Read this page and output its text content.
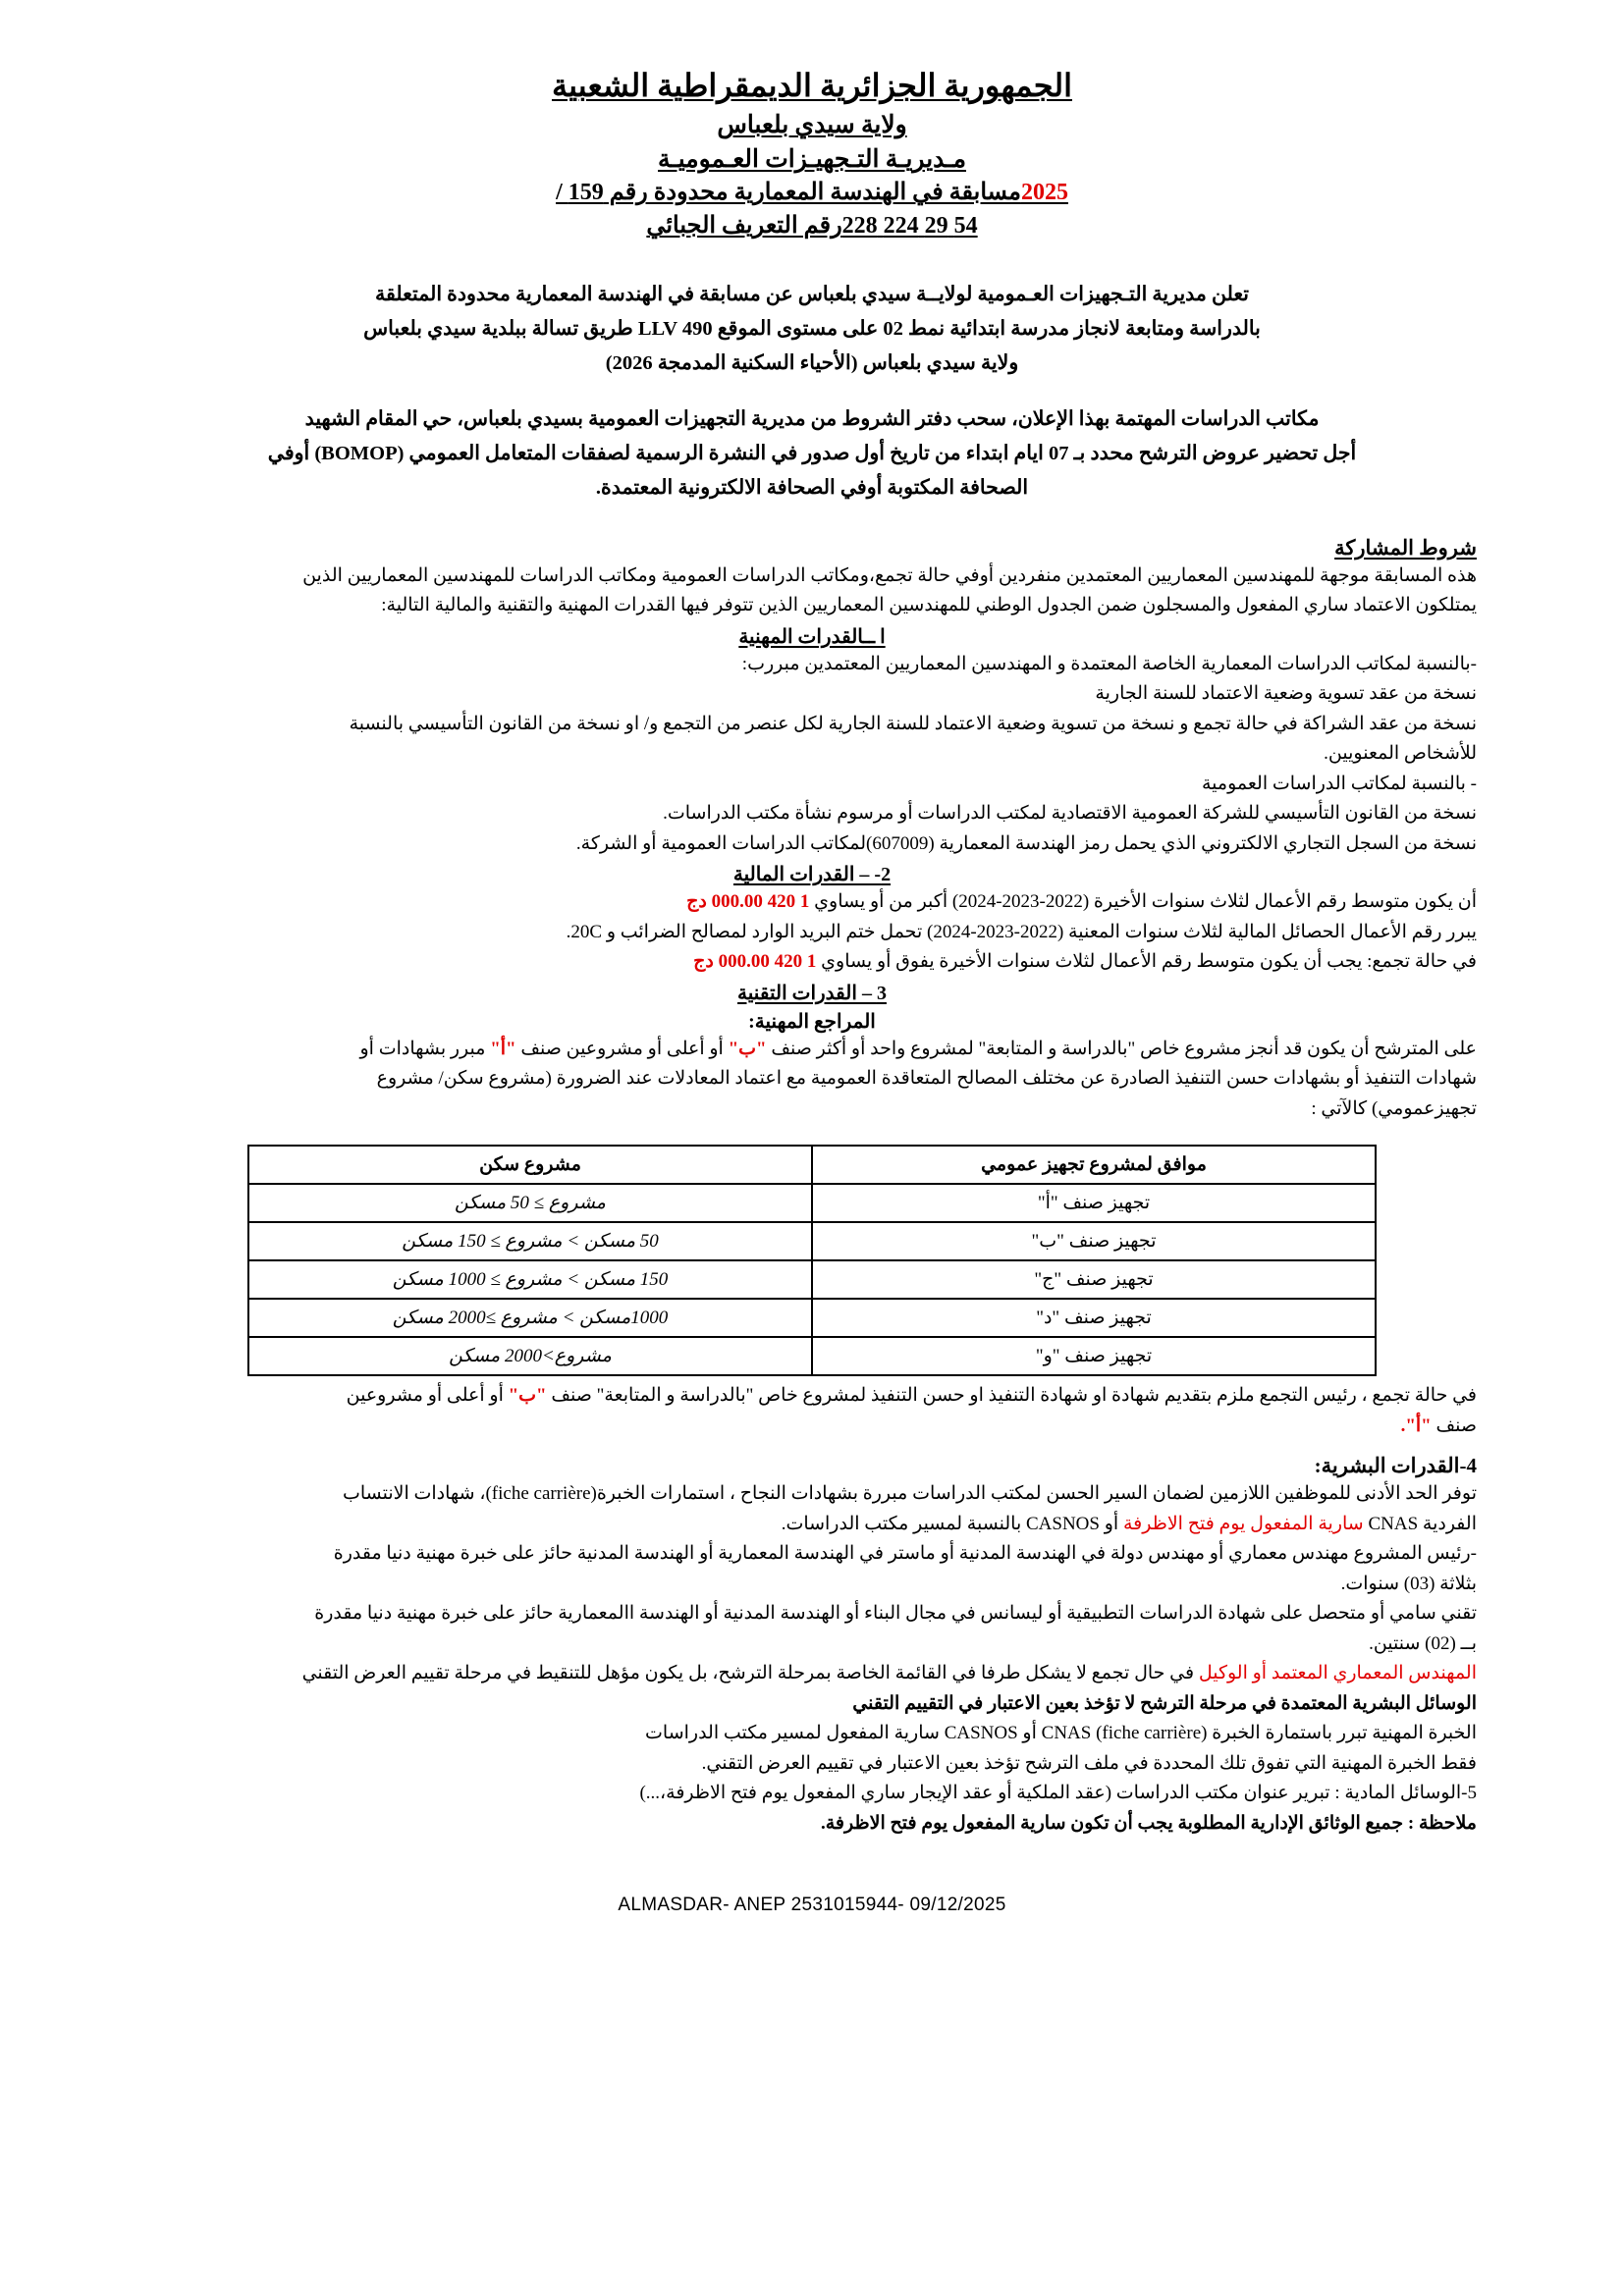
الجمهورية الجزائرية الديمقراطية الشعبية
ولاية سيدي بلعباس
مـديريـة التـجهيـزات العـموميـة
2025مسابقة في الهندسة المعمارية محدودة رقم 159 /
54 29 224 228رقم التعريف الجبائي

تعلن مديرية التـجهيزات العـمومية لولايــة سيدي بلعباس عن مسابقة في الهندسة المعمارية محدودة المتعلقة

بالدراسة ومتابعة لانجاز مدرسة ابتدائية نمط 02 على مستوى الموقع LLV 490 طريق تسالة ببلدية سيدي بلعباس

ولاية سيدي بلعباس (الأحياء السكنية المدمجة 2026)

مكاتب الدراسات المهتمة بهذا الإعلان، سحب دفتر الشروط من مديرية التجهيزات العمومية بسيدي بلعباس، حي المقام الشهيد

أجل تحضير عروض الترشح محدد بـ 07 ايام ابتداء من تاريخ أول صدور في النشرة الرسمية لصفقات المتعامل العمومي (BOMOP) أوفي

الصحافة المكتوبة أوفي الصحافة الالكترونية المعتمدة.

شروط المشاركة

هذه المسابقة موجهة للمهندسين المعماريين المعتمدين منفردين أوفي حالة تجمع،ومكاتب الدراسات العمومية ومكاتب الدراسات للمهندسين المعماريين الذين

يمتلكون الاعتماد ساري المفعول والمسجلون ضمن الجدول الوطني للمهندسين المعماريين الذين تتوفر فيها القدرات المهنية والتقنية والمالية التالية:

ا ــالقدرات المهنية

-بالنسبة لمكاتب الدراسات المعمارية الخاصة المعتمدة و المهندسين المعماريين المعتمدين مبررب:

نسخة من عقد تسوية وضعية الاعتماد للسنة الجارية

نسخة من عقد الشراكة في حالة تجمع و نسخة من تسوية وضعية الاعتماد للسنة الجارية لكل عنصر من التجمع و/ او نسخة من القانون التأسيسي بالنسبة

للأشخاص المعنويين.

- بالنسبة لمكاتب الدراسات العمومية

نسخة من القانون التأسيسي للشركة العمومية الاقتصادية لمكتب الدراسات أو مرسوم نشأة مكتب الدراسات.

نسخة من السجل التجاري الالكتروني الذي يحمل رمز الهندسة المعمارية (607009)لمكاتب الدراسات العمومية أو الشركة.

2- – القدرات المالية

أن يكون متوسط رقم الأعمال لثلاث سنوات الأخيرة (2022-2023-2024) أكبر من أو يساوي 1 420 000.00 دج

يبرر رقم الأعمال الحصائل المالية لثلاث سنوات المعنية (2022-2023-2024) تحمل ختم البريد الوارد لمصالح الضرائب و 20C.

في حالة تجمع: يجب أن يكون متوسط رقم الأعمال لثلاث سنوات الأخيرة يفوق أو يساوي 1 420 000.00 دج

3 – القدرات التقنية
المراجع المهنية:

على المترشح أن يكون قد أنجز مشروع خاص "بالدراسة و المتابعة" لمشروع واحد أو أكثر صنف "ب" أو أعلى أو مشروعين صنف "أ" مبرر بشهادات أو

شهادات التنفيذ أو بشهادات حسن التنفيذ الصادرة عن مختلف المصالح المتعاقدة العمومية مع اعتماد المعادلات عند الضرورة (مشروع سكن/ مشروع

تجهيزعمومي) كالآتي :

موافق لمشروع تجهيز عمومي	مشروع سكن
تجهيز صنف "أ"	مشروع ≥ 50 مسكن
تجهيز صنف "ب"	50 مسكن > مشروع ≥ 150 مسكن
تجهيز صنف "ج"	150 مسكن > مشروع ≥ 1000 مسكن
تجهيز صنف "د"	1000مسكن > مشروع ≥2000 مسكن
تجهيز صنف "و"	مشروع>2000 مسكن

في حالة تجمع ، رئيس التجمع ملزم بتقديم شهادة او شهادة التنفيذ او حسن التنفيذ لمشروع خاص "بالدراسة و المتابعة" صنف "ب" أو أعلى أو مشروعين

صنف "أ".

4-القدرات البشرية:

توفر الحد الأدنى للموظفين اللازمين لضمان السير الحسن لمكتب الدراسات مبررة بشهادات النجاح ، استمارات الخبرة(fiche carrière)، شهادات الانتساب

الفردية CNAS سارية المفعول يوم فتح الاظرفة أو CASNOS بالنسبة لمسير مكتب الدراسات.

-رئيس المشروع مهندس معماري أو مهندس دولة في الهندسة المدنية أو ماستر في الهندسة المعمارية أو الهندسة المدنية حائز على خبرة مهنية دنيا مقدرة

بثلاثة (03) سنوات.

تقني سامي أو متحصل على شهادة الدراسات التطبيقية أو ليسانس في مجال البناء أو الهندسة المدنية أو الهندسة االمعمارية حائز على خبرة مهنية دنيا مقدرة

بــ (02) سنتين.

المهندس المعماري المعتمد أو الوكيل في حال تجمع لا يشكل طرفا في القائمة الخاصة بمرحلة الترشح، بل يكون مؤهل للتنقيط في مرحلة تقييم العرض التقني

الوسائل البشرية المعتمدة في مرحلة الترشح لا تؤخذ بعين الاعتبار في التقييم التقني

الخبرة المهنية تبرر باستمارة الخبرة (fiche carrière) CNAS أو CASNOS سارية المفعول لمسير مكتب الدراسات

فقط الخبرة المهنية التي تفوق تلك المحددة في ملف الترشح تؤخذ بعين الاعتبار في تقييم العرض التقني.

5-الوسائل المادية : تبرير عنوان مكتب الدراسات (عقد الملكية أو عقد الإيجار ساري المفعول يوم فتح الاظرفة،...)

ملاحظة : جميع الوثائق الإدارية المطلوبة يجب أن تكون سارية المفعول يوم فتح الاظرفة.

ALMASDAR- ANEP 2531015944- 09/12/2025
